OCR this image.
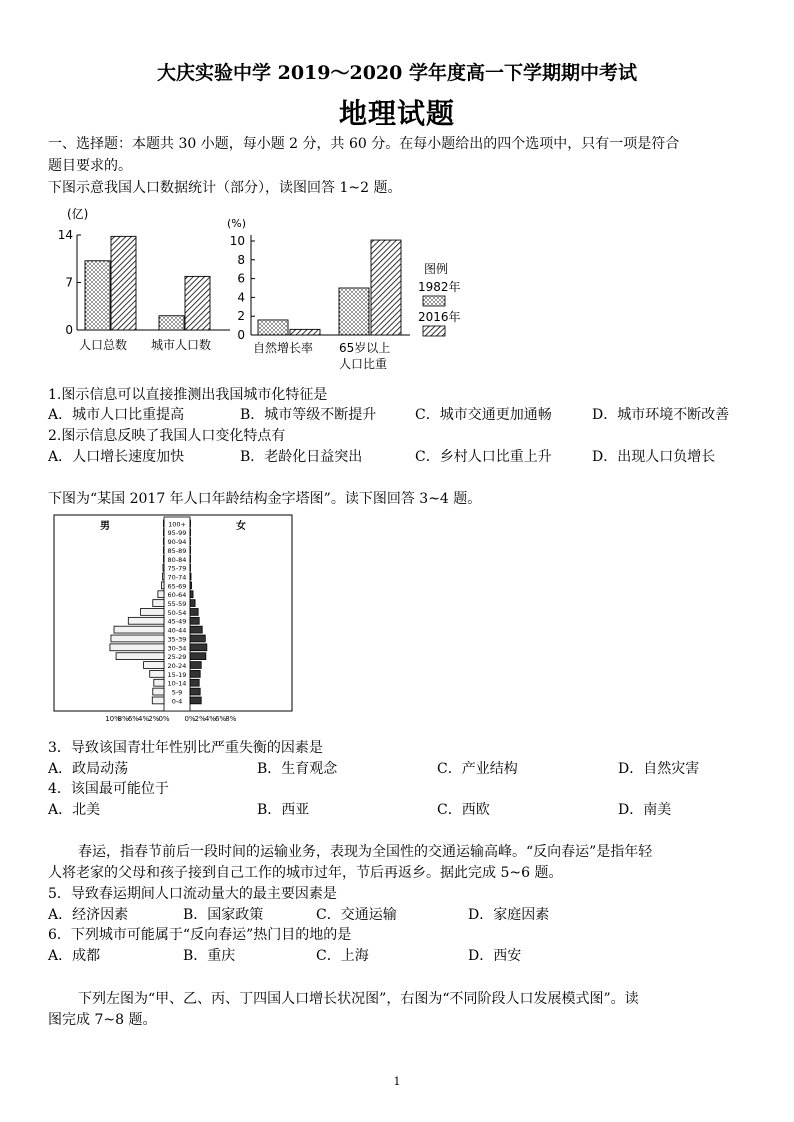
大庆实验中学 2019～2020 学年度高一下学期期中考试
地理试题
一、选择题：本题共 30 小题，每小题 2 分，共 60 分。在每小题给出的四个选项中，只有一项是符合
题目要求的。
下图示意我国人口数据统计（部分），读图回答 1~2 题。
(亿)
0
7
14
人口总数 城市人口数
(%)
0
2
4
6
8
10
自然增长率 65岁以上
人口比重
图例
1982年
2016年
1.图示信息可以直接推测出我国城市化特征是
A．城市人口比重提高	B．城市等级不断提升	C．城市交通更加通畅	D．城市环境不断改善
2.图示信息反映了我国人口变化特点有
A．人口增长速度加快	B．老龄化日益突出	C．乡村人口比重上升	D．出现人口负增长
下图为“某国 2017 年人口年龄结构金字塔图”。读下图回答 3~4 题。
男	女
100+
95-99
90-94
85-89
80-84
75-79
70-74
65-69
60-64
55-59
50-54
45-49
40-44
35-39
30-34
25-29
20-24
15-19
10-14
5-9
0-4
10%
8% 6% 4% 2% 0% 0% 2% 4% 6% 8%
3．导致该国青壮年性别比严重失衡的因素是
A．政局动荡	B．生育观念	C．产业结构	D．自然灾害
4．该国最可能位于
A．北美	B．西亚	C．西欧	D．南美
春运，指春节前后一段时间的运输业务，表现为全国性的交通运输高峰。“反向春运”是指年轻
人将老家的父母和孩子接到自己工作的城市过年，节后再返乡。据此完成 5~6 题。
5．导致春运期间人口流动量大的最主要因素是
A．经济因素	B．国家政策	C．交通运输	D．家庭因素
6．下列城市可能属于“反向春运”热门目的地的是
A．成都	B．重庆	C．上海	D．西安
下列左图为“甲、乙、丙、丁四国人口增长状况图”，右图为“不同阶段人口发展模式图”。读
图完成 7~8 题。
1
